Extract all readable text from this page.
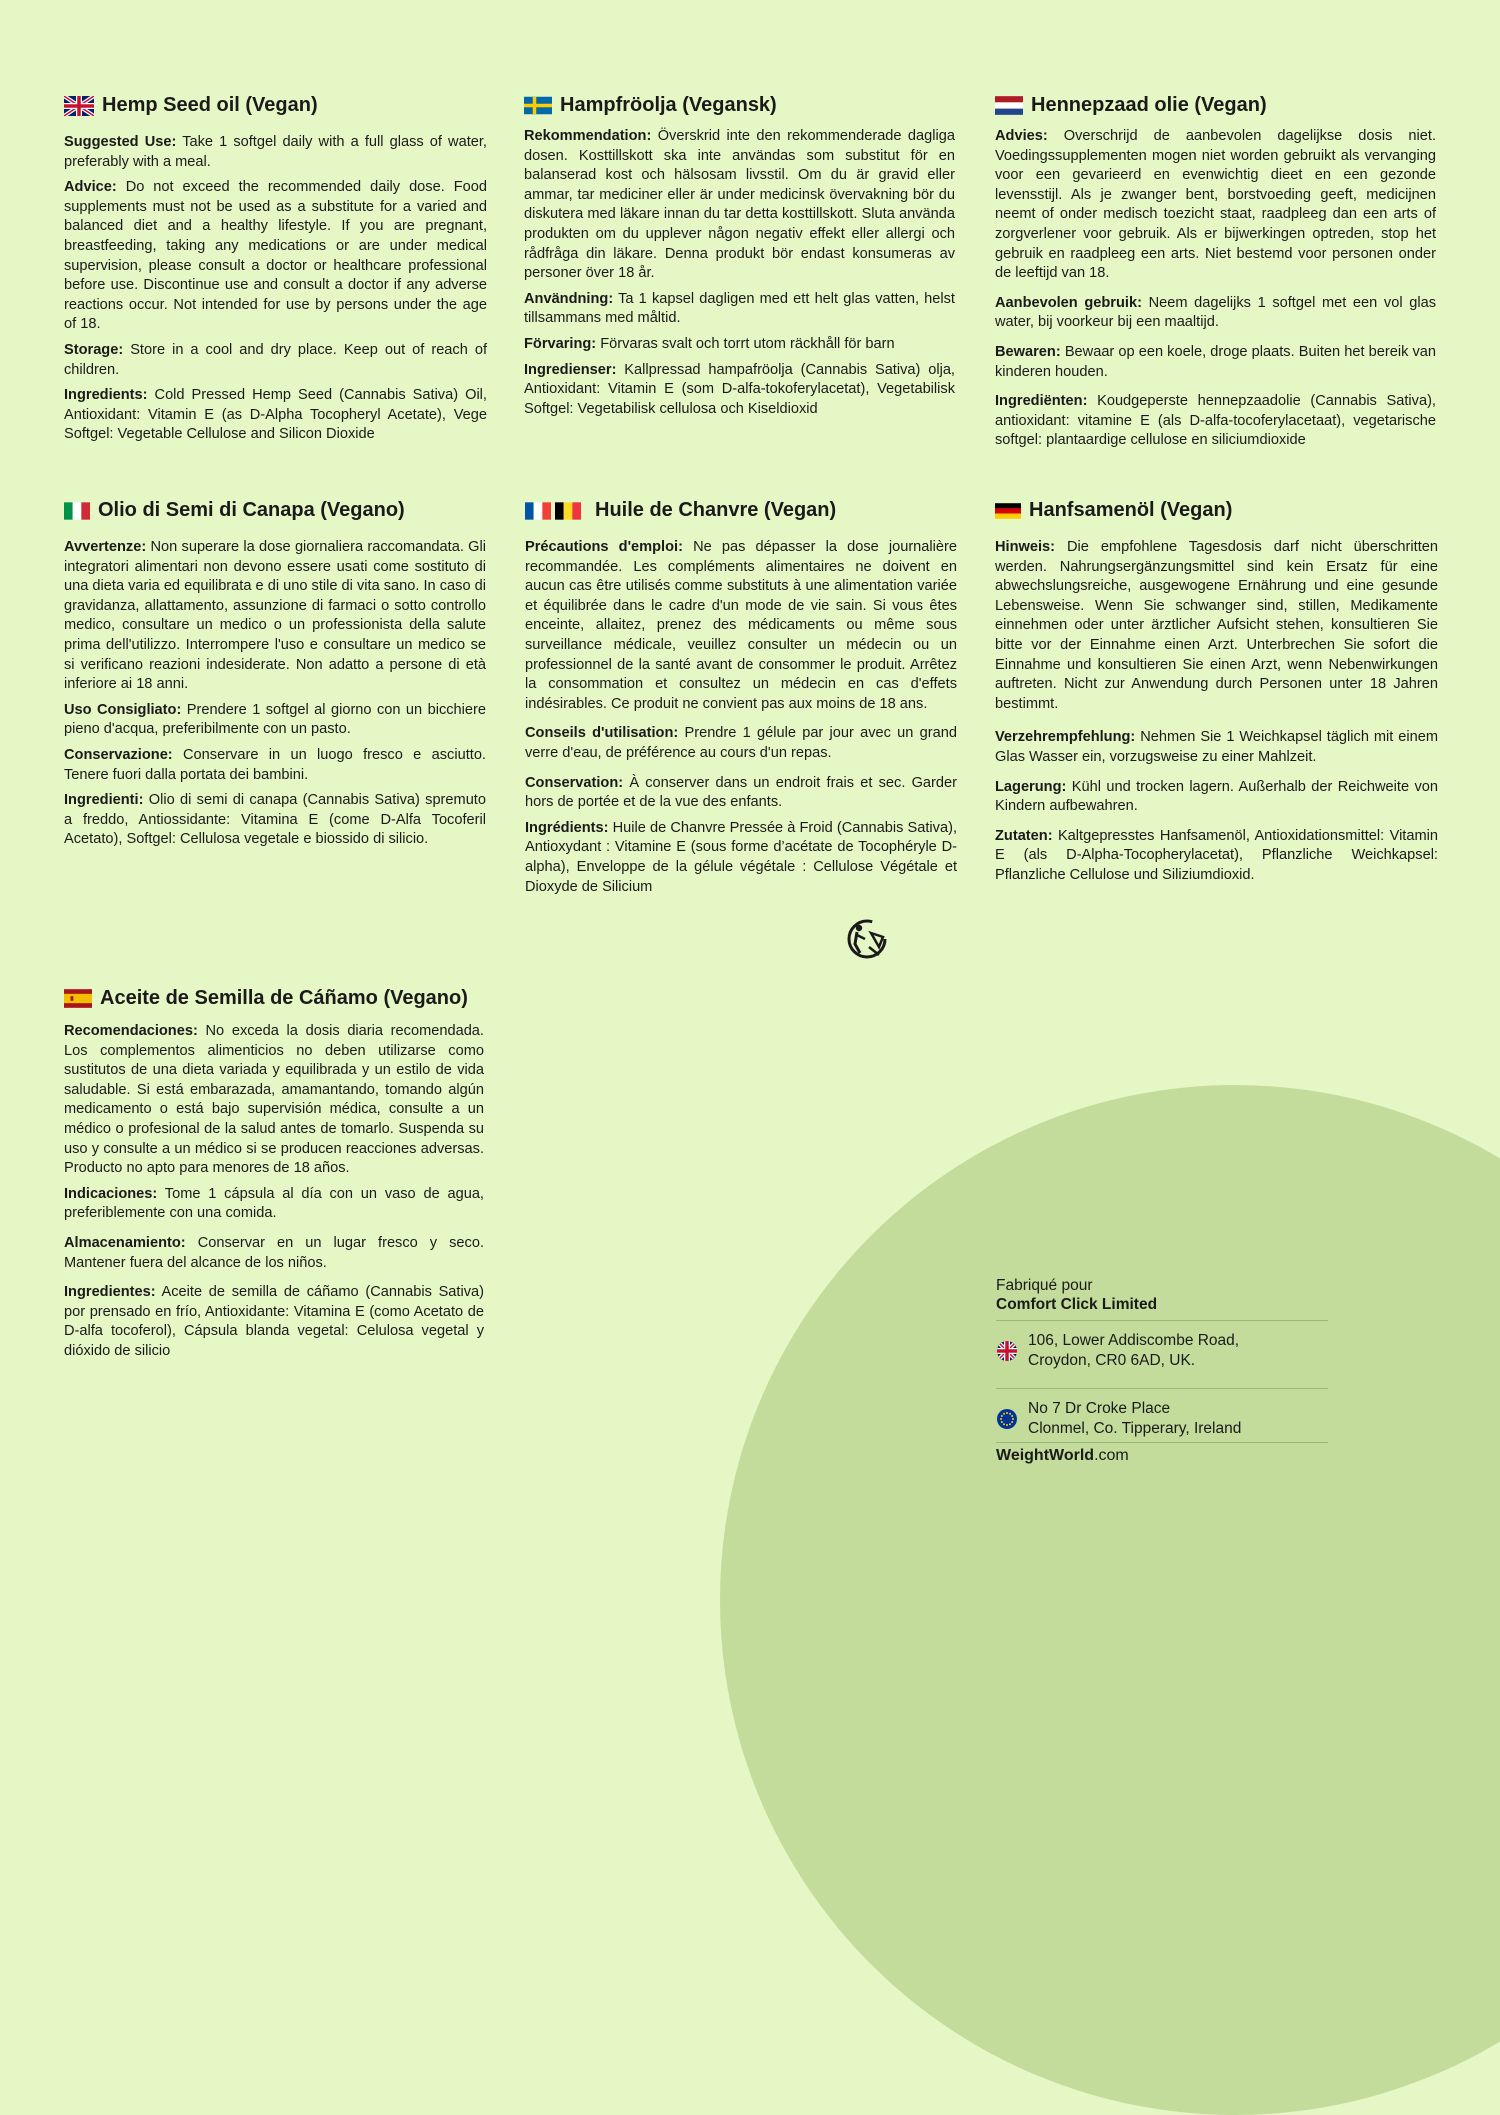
Hemp Seed oil (Vegan)

Suggested Use: Take 1 softgel daily with a full glass of water, preferably with a meal.

Advice: Do not exceed the recommended daily dose. Food supplements must not be used as a substitute for a varied and balanced diet and a healthy lifestyle. If you are pregnant, breastfeeding, taking any medications or are under medical supervision, please consult a doctor or healthcare professional before use. Discontinue use and consult a doctor if any adverse reactions occur. Not intended for use by persons under the age of 18.

Storage: Store in a cool and dry place. Keep out of reach of children.

Ingredients: Cold Pressed Hemp Seed (Cannabis Sativa) Oil, Antioxidant: Vitamin E (as D-Alpha Tocopheryl Acetate), Vege Softgel: Vegetable Cellulose and Silicon Dioxide

Hampfröolja (Vegansk)

Rekommendation: Överskrid inte den rekommenderade dagliga dosen. Kosttillskott ska inte användas som substitut för en balanserad kost och hälsosam livsstil. Om du är gravid eller ammar, tar mediciner eller är under medicinsk övervakning bör du diskutera med läkare innan du tar detta kosttillskott. Sluta använda produkten om du upplever någon negativ effekt eller allergi och rådfråga din läkare. Denna produkt bör endast konsumeras av personer över 18 år.

Användning: Ta 1 kapsel dagligen med ett helt glas vatten, helst tillsammans med måltid.

Förvaring: Förvaras svalt och torrt utom räckhåll för barn

Ingredienser: Kallpressad hampafröolja (Cannabis Sativa) olja, Antioxidant: Vitamin E (som D-alfa-tokoferylacetat), Vegetabilisk Softgel: Vegetabilisk cellulosa och Kiseldioxid

Hennepzaad olie (Vegan)

Advies: Overschrijd de aanbevolen dagelijkse dosis niet. Voedingssupplementen mogen niet worden gebruikt als vervanging voor een gevarieerd en evenwichtig dieet en een gezonde levensstijl. Als je zwanger bent, borstvoeding geeft, medicijnen neemt of onder medisch toezicht staat, raadpleeg dan een arts of zorgverlener voor gebruik. Als er bijwerkingen optreden, stop het gebruik en raadpleeg een arts. Niet bestemd voor personen onder de leeftijd van 18.

Aanbevolen gebruik: Neem dagelijks 1 softgel met een vol glas water, bij voorkeur bij een maaltijd.

Bewaren: Bewaar op een koele, droge plaats. Buiten het bereik van kinderen houden.

Ingrediënten: Koudgeperste hennepzaadolie (Cannabis Sativa), antioxidant: vitamine E (als D-alfa-tocoferylacetaat), vegetarische softgel: plantaardige cellulose en siliciumdioxide

Olio di Semi di Canapa (Vegano)

Avvertenze: Non superare la dose giornaliera raccomandata. Gli integratori alimentari non devono essere usati come sostituto di una dieta varia ed equilibrata e di uno stile di vita sano. In caso di gravidanza, allattamento, assunzione di farmaci o sotto controllo medico, consultare un medico o un professionista della salute prima dell'utilizzo. Interrompere l'uso e consultare un medico se si verificano reazioni indesiderate. Non adatto a persone di età inferiore ai 18 anni.

Uso Consigliato: Prendere 1 softgel al giorno con un bicchiere pieno d'acqua, preferibilmente con un pasto.

Conservazione: Conservare in un luogo fresco e asciutto. Tenere fuori dalla portata dei bambini.

Ingredienti: Olio di semi di canapa (Cannabis Sativa) spremuto a freddo, Antiossidante: Vitamina E (come D-Alfa Tocoferil Acetato), Softgel: Cellulosa vegetale e biossido di silicio.

Huile de Chanvre (Vegan)

Précautions d'emploi: Ne pas dépasser la dose journalière recommandée. Les compléments alimentaires ne doivent en aucun cas être utilisés comme substituts à une alimentation variée et équilibrée dans le cadre d'un mode de vie sain. Si vous êtes enceinte, allaitez, prenez des médicaments ou même sous surveillance médicale, veuillez consulter un médecin ou un professionnel de la santé avant de consommer le produit. Arrêtez la consommation et consultez un médecin en cas d'effets indésirables. Ce produit ne convient pas aux moins de 18 ans.

Conseils d'utilisation: Prendre 1 gélule par jour avec un grand verre d'eau, de préférence au cours d'un repas.

Conservation: À conserver dans un endroit frais et sec. Garder hors de portée et de la vue des enfants.

Ingrédients: Huile de Chanvre Pressée à Froid (Cannabis Sativa), Antioxydant : Vitamine E (sous forme d’acétate de Tocophéryle D-alpha), Enveloppe de la gélule végétale : Cellulose Végétale et Dioxyde de Silicium

Hanfsamenöl (Vegan)

Hinweis: Die empfohlene Tagesdosis darf nicht überschritten werden. Nahrungsergänzungsmittel sind kein Ersatz für eine abwechslungsreiche, ausgewogene Ernährung und eine gesunde Lebensweise. Wenn Sie schwanger sind, stillen, Medikamente einnehmen oder unter ärztlicher Aufsicht stehen, konsultieren Sie bitte vor der Einnahme einen Arzt. Unterbrechen Sie sofort die Einnahme und konsultieren Sie einen Arzt, wenn Nebenwirkungen auftreten. Nicht zur Anwendung durch Personen unter 18 Jahren bestimmt.

Verzehrempfehlung: Nehmen Sie 1 Weichkapsel täglich mit einem Glas Wasser ein, vorzugsweise zu einer Mahlzeit.

Lagerung: Kühl und trocken lagern. Außerhalb der Reichweite von Kindern aufbewahren.

Zutaten: Kaltgepresstes Hanfsamenöl, Antioxidationsmittel: Vitamin E (als D-Alpha-Tocopherylacetat), Pflanzliche Weichkapsel: Pflanzliche Cellulose und Siliziumdioxid.

Aceite de Semilla de Cáñamo (Vegano)

Recomendaciones: No exceda la dosis diaria recomendada. Los complementos alimenticios no deben utilizarse como sustitutos de una dieta variada y equilibrada y un estilo de vida saludable. Si está embarazada, amamantando, tomando algún medicamento o está bajo supervisión médica, consulte a un médico o profesional de la salud antes de tomarlo. Suspenda su uso y consulte a un médico si se producen reacciones adversas. Producto no apto para menores de 18 años.

Indicaciones: Tome 1 cápsula al día con un vaso de agua, preferiblemente con una comida.

Almacenamiento: Conservar en un lugar fresco y seco. Mantener fuera del alcance de los niños.

Ingredientes: Aceite de semilla de cáñamo (Cannabis Sativa) por prensado en frío, Antioxidante: Vitamina E (como Acetato de D-alfa tocoferol), Cápsula blanda vegetal: Celulosa vegetal y dióxido de silicio

Fabriqué pour
Comfort Click Limited
106, Lower Addiscombe Road,
Croydon, CR0 6AD, UK.
No 7 Dr Croke Place
Clonmel, Co. Tipperary, Ireland
WeightWorld.com
